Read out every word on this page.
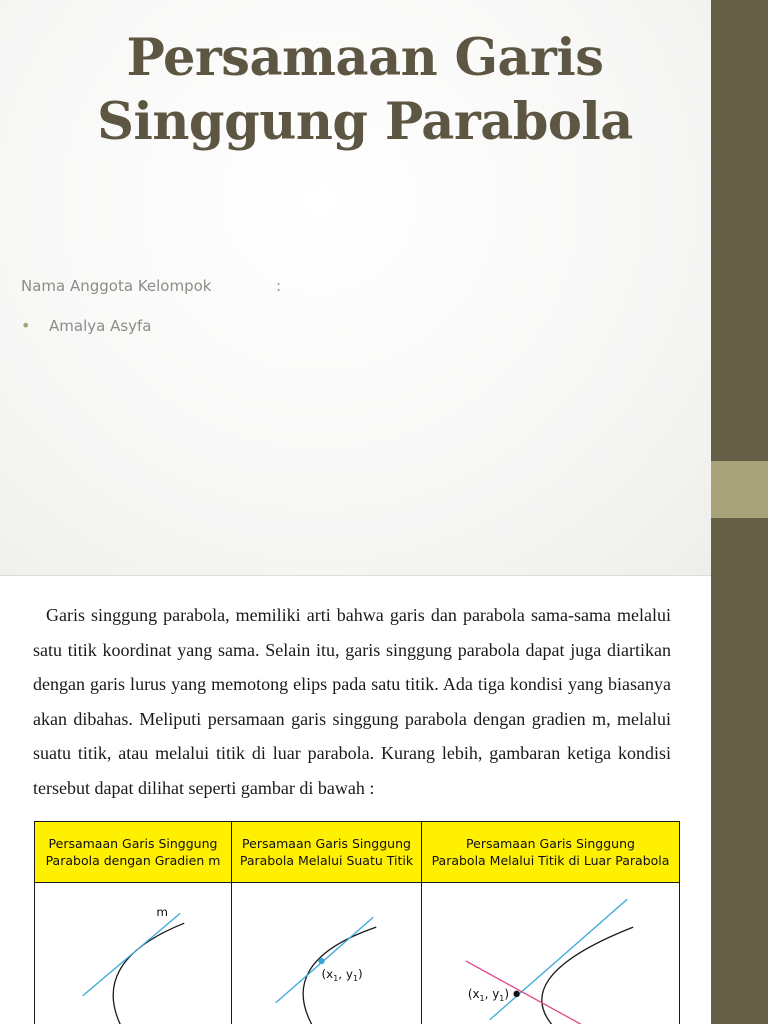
Persamaan Garis
Singgung Parabola
Nama Anggota Kelompok	:
•	Amalya Asyfa

Garis singgung parabola, memiliki arti bahwa garis dan parabola sama-sama melalui satu titik koordinat yang sama. Selain itu, garis singgung parabola dapat juga diartikan dengan garis lurus yang memotong elips pada satu titik. Ada tiga kondisi yang biasanya akan dibahas. Meliputi persamaan garis singgung parabola dengan gradien m, melalui suatu titik, atau melalui titik di luar parabola. Kurang lebih, gambaran ketiga kondisi tersebut dapat dilihat seperti gambar di bawah :

Persamaan Garis Singgung
Parabola dengan Gradien m	Persamaan Garis Singgung
Parabola Melalui Suatu Titik	Persamaan Garis Singgung
Parabola Melalui Titik di Luar Parabola

m	($x_1$, $y_1$)	($x_1$, $y_1$)
